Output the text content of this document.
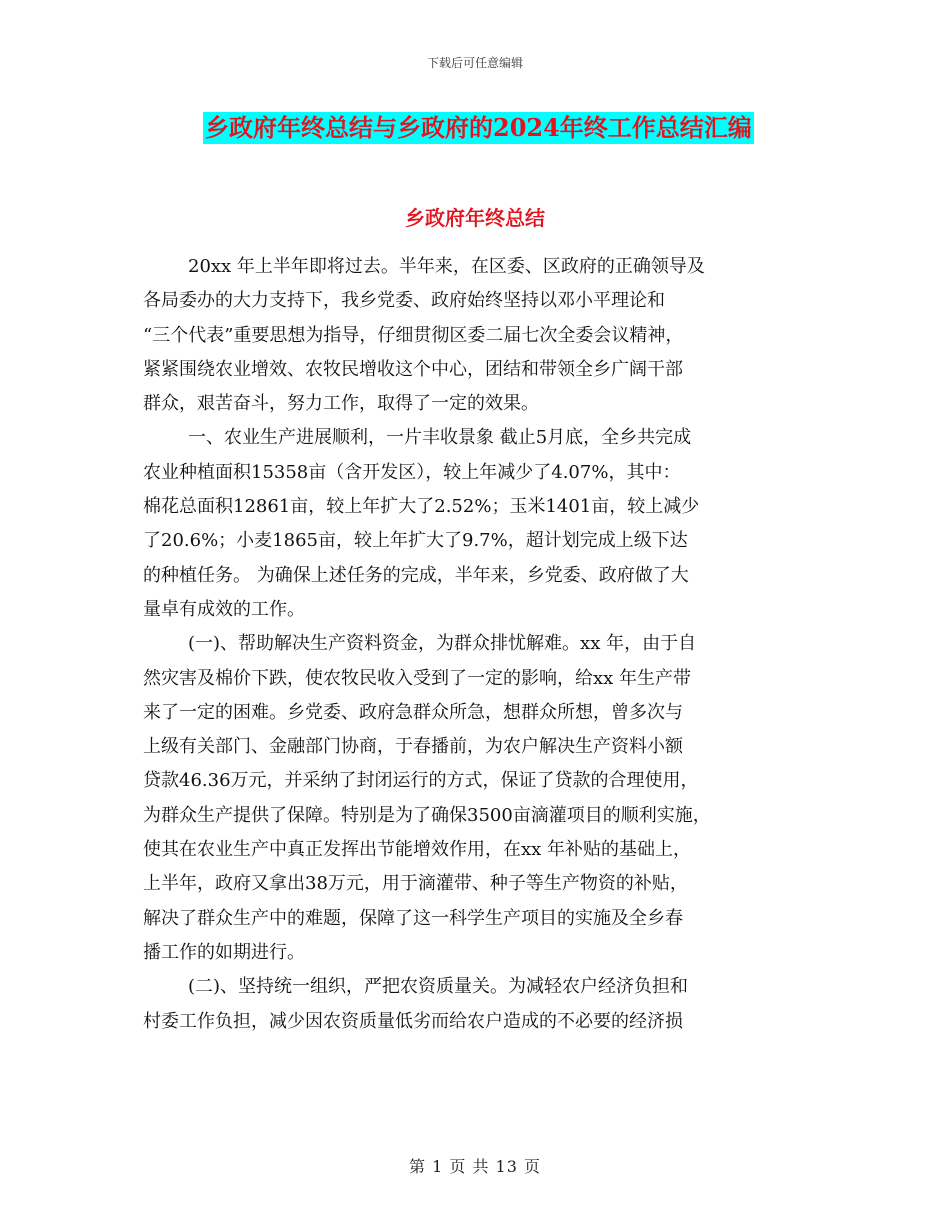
下载后可任意编辑
乡政府年终总结与乡政府的2024年终工作总结汇编
乡政府年终总结

20xx 年上半年即将过去。半年来，在区委、区政府的正确领导及

各局委办的大力支持下，我乡党委、政府始终坚持以邓小平理论和

“三个代表”重要思想为指导，仔细贯彻区委二届七次全委会议精神，

紧紧围绕农业增效、农牧民增收这个中心，团结和带领全乡广阔干部

群众，艰苦奋斗，努力工作，取得了一定的效果。

一、农业生产进展顺利，一片丰收景象 截止5月底，全乡共完成

农业种植面积15358亩（含开发区），较上年减少了4.07%，其中：

棉花总面积12861亩，较上年扩大了2.52%；玉米1401亩，较上减少

了20.6%；小麦1865亩，较上年扩大了9.7%，超计划完成上级下达

的种植任务。 为确保上述任务的完成，半年来，乡党委、政府做了大

量卓有成效的工作。

(一)、帮助解决生产资料资金，为群众排忧解难。xx 年，由于自

然灾害及棉价下跌，使农牧民收入受到了一定的影响，给xx 年生产带

来了一定的困难。乡党委、政府急群众所急，想群众所想，曾多次与

上级有关部门、金融部门协商，于春播前，为农户解决生产资料小额

贷款46.36万元，并采纳了封闭运行的方式，保证了贷款的合理使用，

为群众生产提供了保障。特别是为了确保3500亩滴灌项目的顺利实施，

使其在农业生产中真正发挥出节能增效作用，在xx 年补贴的基础上，

上半年，政府又拿出38万元，用于滴灌带、种子等生产物资的补贴，

解决了群众生产中的难题，保障了这一科学生产项目的实施及全乡春

播工作的如期进行。

(二)、坚持统一组织，严把农资质量关。为减轻农户经济负担和

村委工作负担，减少因农资质量低劣而给农户造成的不必要的经济损

第 1 页 共 13 页
